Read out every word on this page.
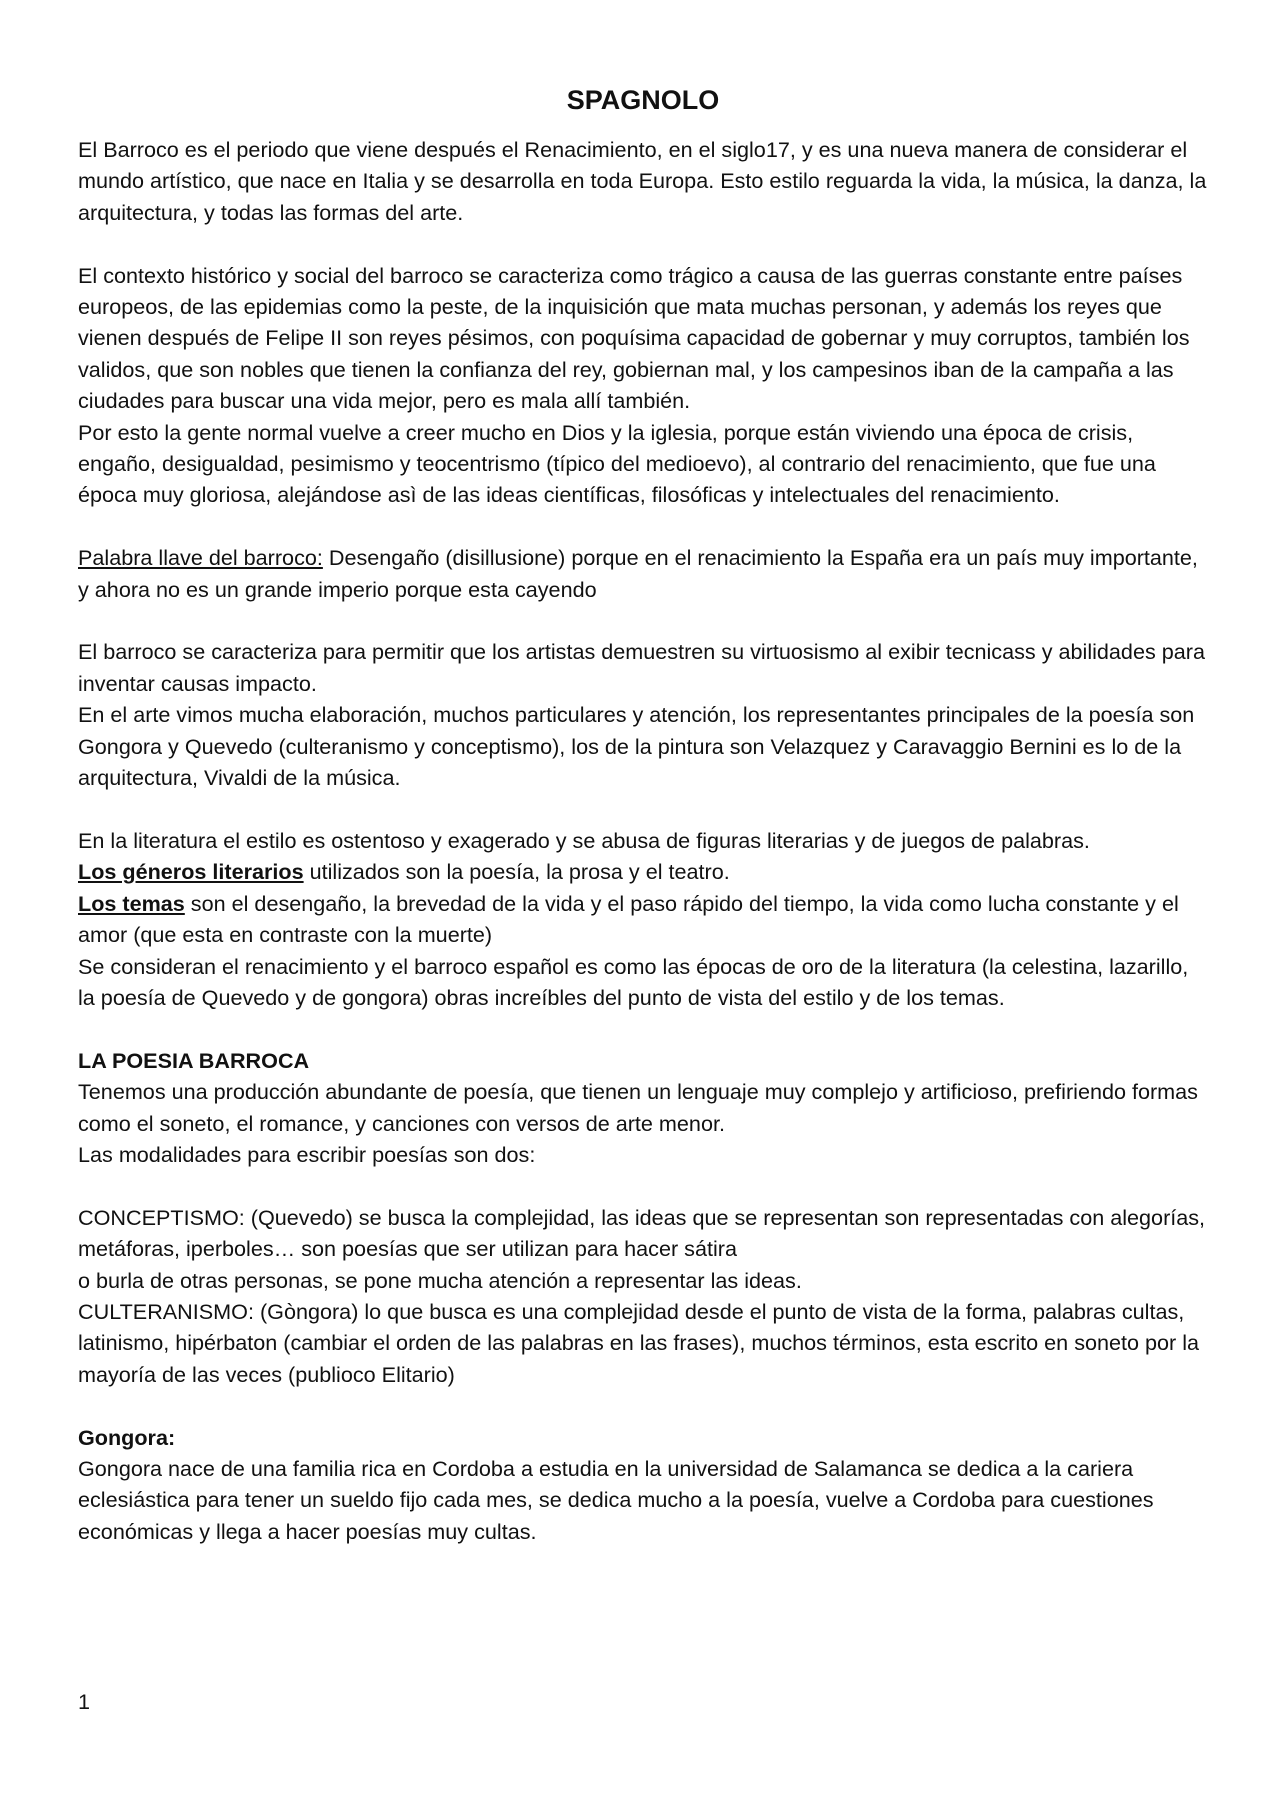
SPAGNOLO

El Barroco es el periodo que viene después el Renacimiento, en el siglo17, y es una nueva manera de considerar el mundo artístico, que nace en Italia y se desarrolla en toda Europa. Esto estilo reguarda la vida, la música, la danza, la arquitectura, y todas las formas del arte.

El contexto histórico y social del barroco se caracteriza como trágico a causa de las guerras constante entre países europeos, de las epidemias como la peste, de la inquisición que mata muchas personan, y además los reyes que vienen después de Felipe II son reyes pésimos, con poquísima capacidad de gobernar y muy corruptos, también los validos, que son nobles que tienen la confianza del rey, gobiernan mal, y los campesinos iban de la campaña a las ciudades para buscar una vida mejor, pero es mala allí también.

Por esto la gente normal vuelve a creer mucho en Dios y la iglesia, porque están viviendo una época de crisis, engaño, desigualdad, pesimismo y teocentrismo (típico del medioevo), al contrario del renacimiento, que fue una época muy gloriosa, alejándose asì de las ideas científicas, filosóficas y intelectuales del renacimiento.

Palabra llave del barroco: Desengaño (disillusione) porque en el renacimiento la España era un país muy importante, y ahora no es un grande imperio porque esta cayendo

El barroco se caracteriza para permitir que los artistas demuestren su virtuosismo al exibir tecnicass y abilidades para inventar causas impacto.

En el arte vimos mucha elaboración, muchos particulares y atención, los representantes principales de la poesía son Gongora y Quevedo (culteranismo y conceptismo), los de la pintura son Velazquez y Caravaggio Bernini es lo de la arquitectura, Vivaldi de la música.

En la literatura el estilo es ostentoso y exagerado y se abusa de figuras literarias y de juegos de palabras.

Los géneros literarios utilizados son la poesía, la prosa y el teatro.

Los temas son el desengaño, la brevedad de la vida y el paso rápido del tiempo, la vida como lucha constante y el amor (que esta en contraste con la muerte)

Se consideran el renacimiento y el barroco español es como las épocas de oro de la literatura (la celestina, lazarillo, la poesía de Quevedo y de gongora) obras increíbles del punto de vista del estilo y de los temas.

LA POESIA BARROCA

Tenemos una producción abundante de poesía, que tienen un lenguaje muy complejo y artificioso, prefiriendo formas como el soneto, el romance, y canciones con versos de arte menor.

Las modalidades para escribir poesías son dos:

CONCEPTISMO: (Quevedo) se busca la complejidad, las ideas que se representan son representadas con alegorías, metáforas, iperboles… son poesías que ser utilizan para hacer sátira

o burla de otras personas, se pone mucha atención a representar las ideas.

CULTERANISMO: (Gòngora) lo que busca es una complejidad desde el punto de vista de la forma, palabras cultas, latinismo, hipérbaton (cambiar el orden de las palabras en las frases), muchos términos, esta escrito en soneto por la mayoría de las veces (publioco Elitario)

Gongora:

Gongora nace de una familia rica en Cordoba a estudia en la universidad de Salamanca se dedica a la cariera eclesiástica para tener un sueldo fijo cada mes, se dedica mucho a la poesía, vuelve a Cordoba para cuestiones económicas y llega a hacer poesías muy cultas.

1
